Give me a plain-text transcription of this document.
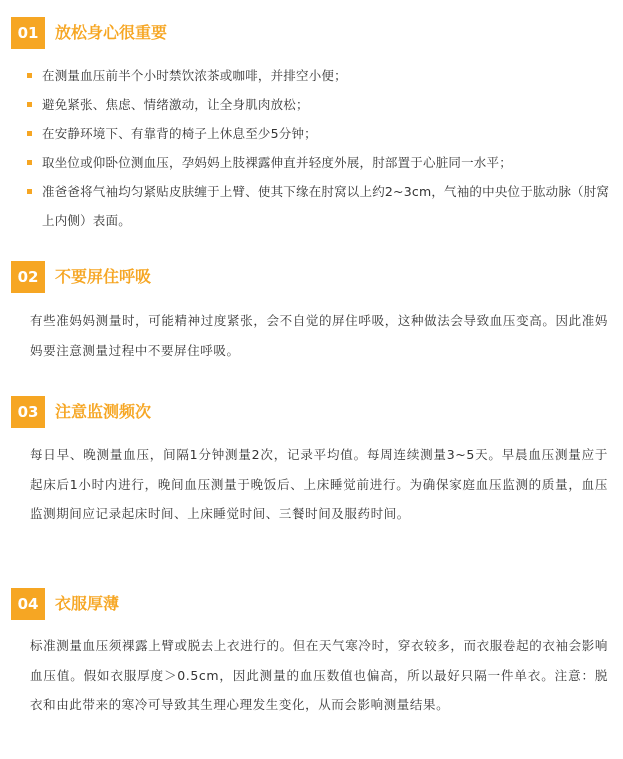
01	放松身心很重要
在测量血压前半个小时禁饮浓茶或咖啡，并排空小便；
避免紧张、焦虑、情绪激动，让全身肌肉放松；
在安静环境下、有靠背的椅子上休息至少5分钟；
取坐位或仰卧位测血压，孕妈妈上肢裸露伸直并轻度外展，肘部置于心脏同一水平；
准爸爸将气袖均匀紧贴皮肤缠于上臂、使其下缘在肘窝以上约2~3cm，气袖的中央位于肱动脉（肘窝上内侧）表面。
02	不要屏住呼吸

有些准妈妈测量时，可能精神过度紧张，会不自觉的屏住呼吸，这种做法会导致血压变高。因此准妈妈要注意测量过程中不要屏住呼吸。

03	注意监测频次

每日早、晚测量血压，间隔1分钟测量2次，记录平均值。每周连续测量3~5天。早晨血压测量应于起床后1小时内进行，晚间血压测量于晚饭后、上床睡觉前进行。为确保家庭血压监测的质量，血压监测期间应记录起床时间、上床睡觉时间、三餐时间及服药时间。

04	衣服厚薄

标准测量血压须裸露上臂或脱去上衣进行的。但在天气寒冷时，穿衣较多，而衣服卷起的衣袖会影响血压值。假如衣服厚度＞0.5cm，因此测量的血压数值也偏高，所以最好只隔一件单衣。注意：脱衣和由此带来的寒冷可导致其生理心理发生变化，从而会影响测量结果。
